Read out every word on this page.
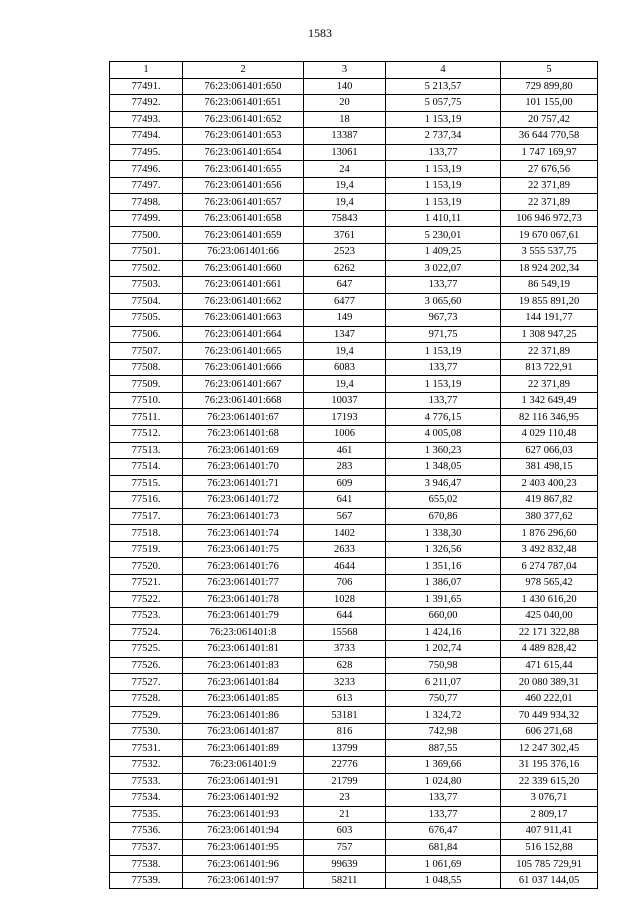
1583
1	2	3	4	5
77491.	76:23:061401:650	140	5 213,57	729 899,80
77492.	76:23:061401:651	20	5 057,75	101 155,00
77493.	76:23:061401:652	18	1 153,19	20 757,42
77494.	76:23:061401:653	13387	2 737,34	36 644 770,58
77495.	76:23:061401:654	13061	133,77	1 747 169,97
77496.	76:23:061401:655	24	1 153,19	27 676,56
77497.	76:23:061401:656	19,4	1 153,19	22 371,89
77498.	76:23:061401:657	19,4	1 153,19	22 371,89
77499.	76:23:061401:658	75843	1 410,11	106 946 972,73
77500.	76:23:061401:659	3761	5 230,01	19 670 067,61
77501.	76:23:061401:66	2523	1 409,25	3 555 537,75
77502.	76:23:061401:660	6262	3 022,07	18 924 202,34
77503.	76:23:061401:661	647	133,77	86 549,19
77504.	76:23:061401:662	6477	3 065,60	19 855 891,20
77505.	76:23:061401:663	149	967,73	144 191,77
77506.	76:23:061401:664	1347	971,75	1 308 947,25
77507.	76:23:061401:665	19,4	1 153,19	22 371,89
77508.	76:23:061401:666	6083	133,77	813 722,91
77509.	76:23:061401:667	19,4	1 153,19	22 371,89
77510.	76:23:061401:668	10037	133,77	1 342 649,49
77511.	76:23:061401:67	17193	4 776,15	82 116 346,95
77512.	76:23:061401:68	1006	4 005,08	4 029 110,48
77513.	76:23:061401:69	461	1 360,23	627 066,03
77514.	76:23:061401:70	283	1 348,05	381 498,15
77515.	76:23:061401:71	609	3 946,47	2 403 400,23
77516.	76:23:061401:72	641	655,02	419 867,82
77517.	76:23:061401:73	567	670,86	380 377,62
77518.	76:23:061401:74	1402	1 338,30	1 876 296,60
77519.	76:23:061401:75	2633	1 326,56	3 492 832,48
77520.	76:23:061401:76	4644	1 351,16	6 274 787,04
77521.	76:23:061401:77	706	1 386,07	978 565,42
77522.	76:23:061401:78	1028	1 391,65	1 430 616,20
77523.	76:23:061401:79	644	660,00	425 040,00
77524.	76:23:061401:8	15568	1 424,16	22 171 322,88
77525.	76:23:061401:81	3733	1 202,74	4 489 828,42
77526.	76:23:061401:83	628	750,98	471 615,44
77527.	76:23:061401:84	3233	6 211,07	20 080 389,31
77528.	76:23:061401:85	613	750,77	460 222,01
77529.	76:23:061401:86	53181	1 324,72	70 449 934,32
77530.	76:23:061401:87	816	742,98	606 271,68
77531.	76:23:061401:89	13799	887,55	12 247 302,45
77532.	76:23:061401:9	22776	1 369,66	31 195 376,16
77533.	76:23:061401:91	21799	1 024,80	22 339 615,20
77534.	76:23:061401:92	23	133,77	3 076,71
77535.	76:23:061401:93	21	133,77	2 809,17
77536.	76:23:061401:94	603	676,47	407 911,41
77537.	76:23:061401:95	757	681,84	516 152,88
77538.	76:23:061401:96	99639	1 061,69	105 785 729,91
77539.	76:23:061401:97	58211	1 048,55	61 037 144,05
